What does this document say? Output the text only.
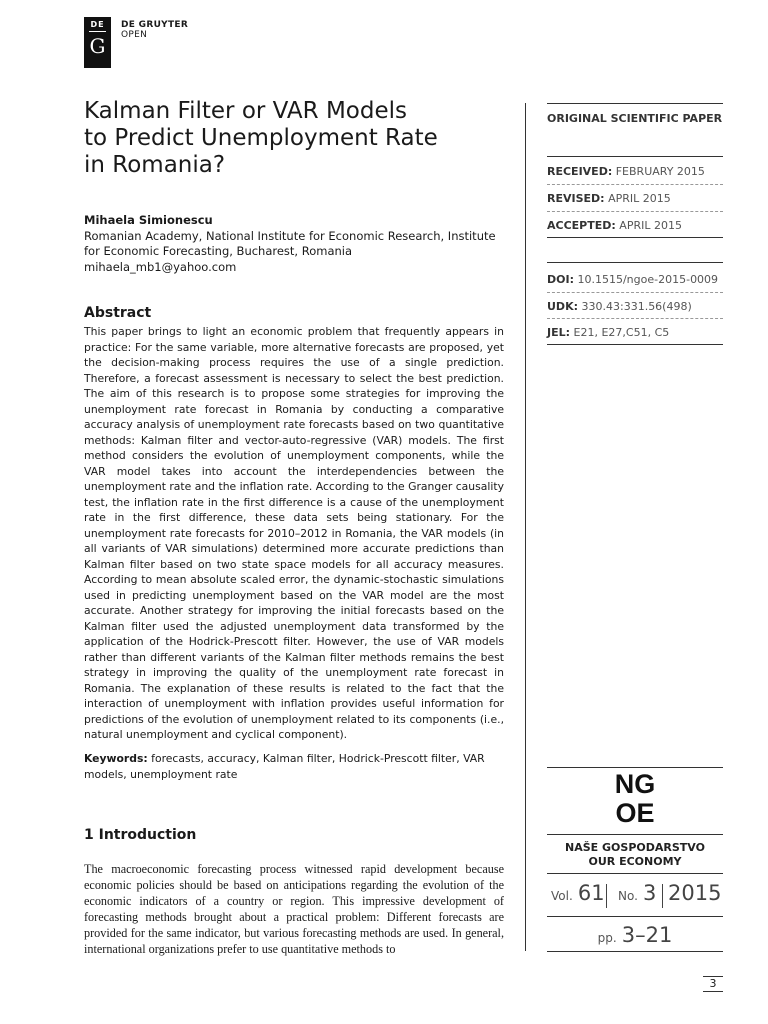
DE
G
DE GRUYTER
OPEN
Kalman Filter or VAR Models
to Predict Unemployment Rate
in Romania?
Mihaela Simionescu
Romanian Academy, National Institute for Economic Research, Institute for Economic Forecasting, Bucharest, Romania
mihaela_mb1@yahoo.com
Abstract
This paper brings to light an economic problem that frequently appears in practice: For the same variable, more alternative forecasts are proposed, yet the decision-making process requires the use of a single prediction. Therefore, a forecast assessment is necessary to select the best prediction. The aim of this research is to propose some strategies for improving the unemployment rate forecast in Romania by conducting a comparative accuracy analysis of unemployment rate forecasts based on two quantitative methods: Kalman filter and vector-auto-regressive (VAR) models. The first method considers the evolution of unemployment components, while the VAR model takes into account the interdependencies between the unemployment rate and the inflation rate. According to the Granger causality test, the inflation rate in the first difference is a cause of the unemployment rate in the first difference, these data sets being stationary. For the unemployment rate forecasts for 2010–2012 in Romania, the VAR models (in all variants of VAR simulations) determined more accurate predictions than Kalman filter based on two state space models for all accuracy measures. According to mean absolute scaled error, the dynamic-stochastic simulations used in predicting unemployment based on the VAR model are the most accurate. Another strategy for improving the initial forecasts based on the Kalman filter used the adjusted unemployment data transformed by the application of the Hodrick-Prescott filter. However, the use of VAR models rather than different variants of the Kalman filter methods remains the best strategy in improving the quality of the unemployment rate forecast in Romania. The explanation of these results is related to the fact that the interaction of unemployment with inflation provides useful information for predictions of the evolution of unemployment related to its components (i.e., natural unemployment and cyclical component).
Keywords: forecasts, accuracy, Kalman filter, Hodrick-Prescott filter, VAR models, unemployment rate
1 Introduction
The macroeconomic forecasting process witnessed rapid development because economic policies should be based on anticipations regarding the evolution of the economic indicators of a country or region. This impressive development of forecasting methods brought about a practical problem: Different forecasts are provided for the same indicator, but various forecasting methods are used. In general, international organizations prefer to use quantitative methods to
ORIGINAL SCIENTIFIC PAPER
RECEIVED: FEBRUARY 2015
REVISED: APRIL 2015
ACCEPTED: APRIL 2015
DOI: 10.1515/ngoe-2015-0009
UDK: 330.43:331.56(498)
JEL: E21, E27,C51, C5
NG
OE
NAŠE GOSPODARSTVO
OUR ECONOMY
Vol. 61 No. 3 2015
pp. 3–21
3
